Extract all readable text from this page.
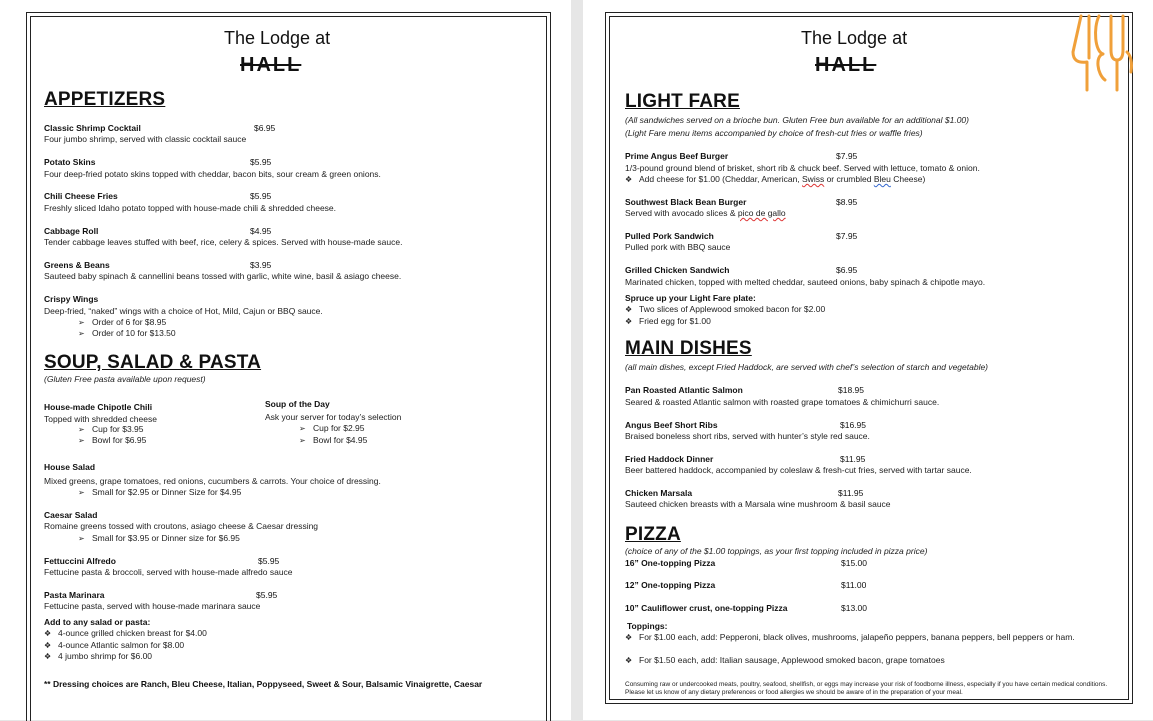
The Lodge at
HALL
APPETIZERS
Classic Shrimp Cocktail	$6.95
Four jumbo shrimp, served with classic cocktail sauce
Potato Skins	$5.95
Four deep-fried potato skins topped with cheddar, bacon bits, sour cream & green onions.
Chili Cheese Fries	$5.95
Freshly sliced Idaho potato topped with house-made chili & shredded cheese.
Cabbage Roll	$4.95
Tender cabbage leaves stuffed with beef, rice, celery & spices. Served with house-made sauce.
Greens & Beans	$3.95
Sauteed baby spinach & cannellini beans tossed with garlic, white wine, basil & asiago cheese.
Crispy Wings
Deep-fried, “naked” wings with a choice of Hot, Mild, Cajun or BBQ sauce.
➢ Order of 6 for $8.95
➢ Order of 10 for $13.50
SOUP, SALAD & PASTA
(Gluten Free pasta available upon request)
House-made Chipotle Chili
Topped with shredded cheese
➢ Cup for $3.95
➢ Bowl for $6.95
Soup of the Day
Ask your server for today’s selection
➢ Cup for $2.95
➢ Bowl for $4.95
House Salad
Mixed greens, grape tomatoes, red onions, cucumbers & carrots. Your choice of dressing.
➢ Small for $2.95 or Dinner Size for $4.95
Caesar Salad
Romaine greens tossed with croutons, asiago cheese & Caesar dressing
➢ Small for $3.95 or Dinner size for $6.95
Fettuccini Alfredo	$5.95
Fettucine pasta & broccoli, served with house-made alfredo sauce
Pasta Marinara	$5.95
Fettucine pasta, served with house-made marinara sauce
Add to any salad or pasta:
❖ 4-ounce grilled chicken breast for $4.00
❖ 4-ounce Atlantic salmon for $8.00
❖ 4 jumbo shrimp for $6.00
** Dressing choices are Ranch, Bleu Cheese, Italian, Poppyseed, Sweet & Sour, Balsamic Vinaigrette, Caesar
The Lodge at
HALL
LIGHT FARE
(All sandwiches served on a brioche bun. Gluten Free bun available for an additional $1.00)
(Light Fare menu items accompanied by choice of fresh-cut fries or waffle fries)
Prime Angus Beef Burger	$7.95
1/3-pound ground blend of brisket, short rib & chuck beef. Served with lettuce, tomato & onion.
❖ Add cheese for $1.00 (Cheddar, American, Swiss or crumbled Bleu Cheese)
Southwest Black Bean Burger	$8.95
Served with avocado slices & pico de gallo
Pulled Pork Sandwich	$7.95
Pulled pork with BBQ sauce
Grilled Chicken Sandwich	$6.95
Marinated chicken, topped with melted cheddar, sauteed onions, baby spinach & chipotle mayo.
Spruce up your Light Fare plate:
❖ Two slices of Applewood smoked bacon for $2.00
❖ Fried egg for $1.00
MAIN DISHES
(all main dishes, except Fried Haddock, are served with chef’s selection of starch and vegetable)
Pan Roasted Atlantic Salmon	$18.95
Seared & roasted Atlantic salmon with roasted grape tomatoes & chimichurri sauce.
Angus Beef Short Ribs	$16.95
Braised boneless short ribs, served with hunter’s style red sauce.
Fried Haddock Dinner	$11.95
Beer battered haddock, accompanied by coleslaw & fresh-cut fries, served with tartar sauce.
Chicken Marsala	$11.95
Sauteed chicken breasts with a Marsala wine mushroom & basil sauce
PIZZA
(choice of any of the $1.00 toppings, as your first topping included in pizza price)
16” One-topping Pizza	$15.00
12” One-topping Pizza	$11.00
10” Cauliflower crust, one-topping Pizza	$13.00
Toppings:
❖ For $1.00 each, add: Pepperoni, black olives, mushrooms, jalapeño peppers, banana peppers, bell peppers or ham.
❖ For $1.50 each, add: Italian sausage, Applewood smoked bacon, grape tomatoes
Consuming raw or undercooked meats, poultry, seafood, shellfish, or eggs may increase your risk of foodborne illness, especially if you have certain medical conditions. Please let us know of any dietary preferences or food allergies we should be aware of in the preparation of your meal.
